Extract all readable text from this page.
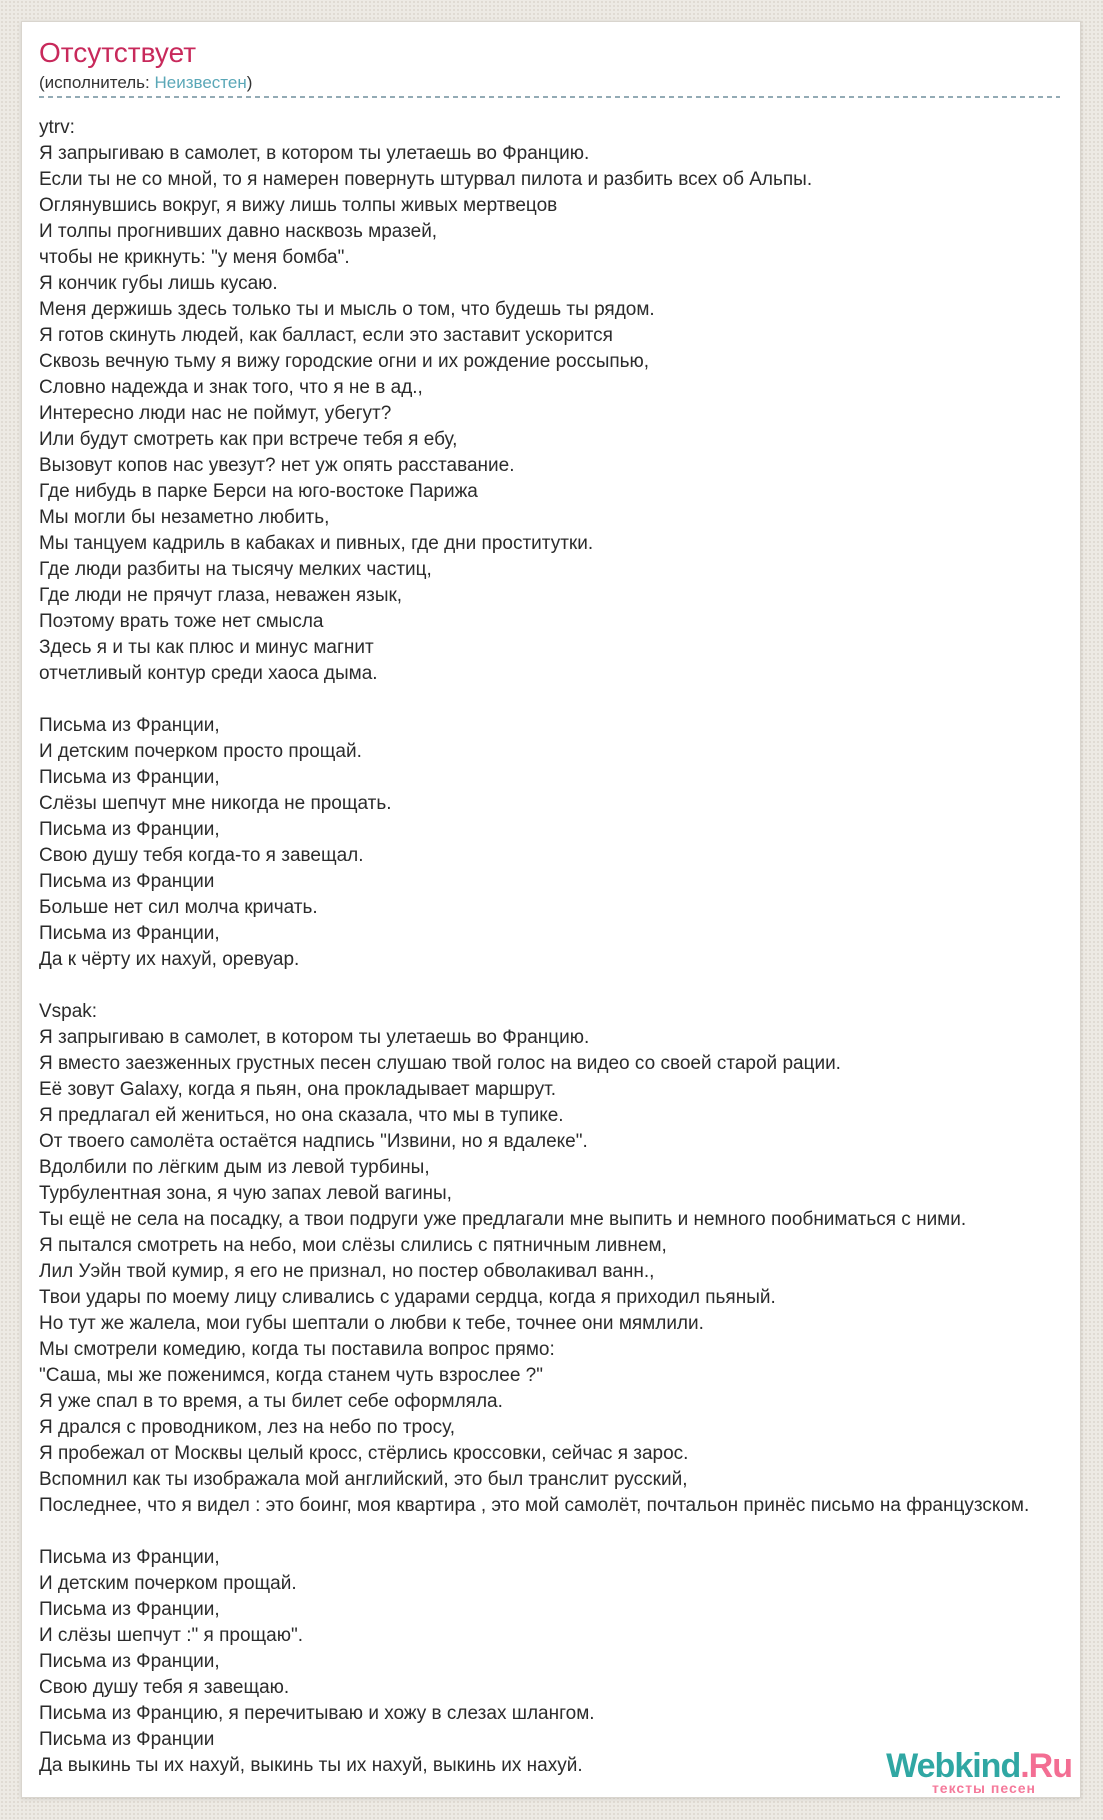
Отсутствует
(исполнитель: Неизвестен)
ytrv:
Я запрыгиваю в самолет, в котором ты улетаешь во Францию.
Если ты не со мной, то я намерен повернуть штурвал пилота и разбить всех об Альпы.
Оглянувшись вокруг, я вижу лишь толпы живых мертвецов
И толпы прогнивших давно насквозь мразей,
чтобы не крикнуть: "у меня бомба".
Я кончик губы лишь кусаю.
Меня держишь здесь только ты и мысль о том, что будешь ты рядом.
Я готов скинуть людей, как балласт, если это заставит ускорится
Сквозь вечную тьму я вижу городские огни и их рождение россыпью,
Словно надежда и знак того, что я не в ад.,
Интересно люди нас не поймут, убегут?
Или будут смотреть как при встрече тебя я ебу,
Вызовут копов нас увезут? нет уж опять расставание.
Где нибудь в парке Берси на юго-востоке Парижа
Мы могли бы незаметно любить,
Мы танцуем кадриль в кабаках и пивных, где дни проститутки.
Где люди разбиты на тысячу мелких частиц,
Где люди не прячут глаза, неважен язык,
Поэтому врать тоже нет смысла
Здесь я и ты как плюс и минус магнит
отчетливый контур среди хаоса дыма.

Письма из Франции,
И детским почерком просто прощай.
Письма из Франции,
Слёзы шепчут мне никогда не прощать.
Письма из Франции,
Свою душу тебя когда-то я завещал.
Письма из Франции
Больше нет сил молча кричать.
Письма из Франции,
Да к чёрту их нахуй, оревуар.

Vspak:
Я запрыгиваю в самолет, в котором ты улетаешь во Францию.
Я вместо заезженных грустных песен слушаю твой голос на видео со своей старой рации.
Её зовут Galaxy, когда я пьян, она прокладывает маршрут.
Я предлагал ей жениться, но она сказала, что мы в тупике.
От твоего самолёта остаётся надпись "Извини, но я вдалеке".
Вдолбили по лёгким дым из левой турбины,
Турбулентная зона, я чую запах левой вагины,
Ты ещё не села на посадку, а твои подруги уже предлагали мне выпить и немного пообниматься с ними.
Я пытался смотреть на небо, мои слёзы слились с пятничным ливнем,
Лил Уэйн твой кумир, я его не признал, но постер обволакивал ванн.,
Твои удары по моему лицу сливались с ударами сердца, когда я приходил пьяный.
Но тут же жалела, мои губы шептали о любви к тебе, точнее они мямлили.
Мы смотрели комедию, когда ты поставила вопрос прямо:
"Саша, мы же поженимся, когда станем чуть взрослее ?"
Я уже спал в то время, а ты билет себе оформляла.
Я дрался с проводником, лез на небо по тросу,
Я пробежал от Москвы целый кросс, стёрлись кроссовки, сейчас я зарос.
Вспомнил как ты изображала мой английский, это был транслит русский,
Последнее, что я видел : это боинг, моя квартира , это мой самолёт, почтальон принёс письмо на французском.

Письма из Франции,
И детским почерком прощай.
Письма из Франции,
И слёзы шепчут :" я прощаю".
Письма из Франции,
Свою душу тебя я завещаю.
Письма из Францию, я перечитываю и хожу в слезах шлангом.
Письма из Франции
Да выкинь ты их нахуй, выкинь ты их нахуй, выкинь их нахуй.	Webkind.Ru
тексты песен
